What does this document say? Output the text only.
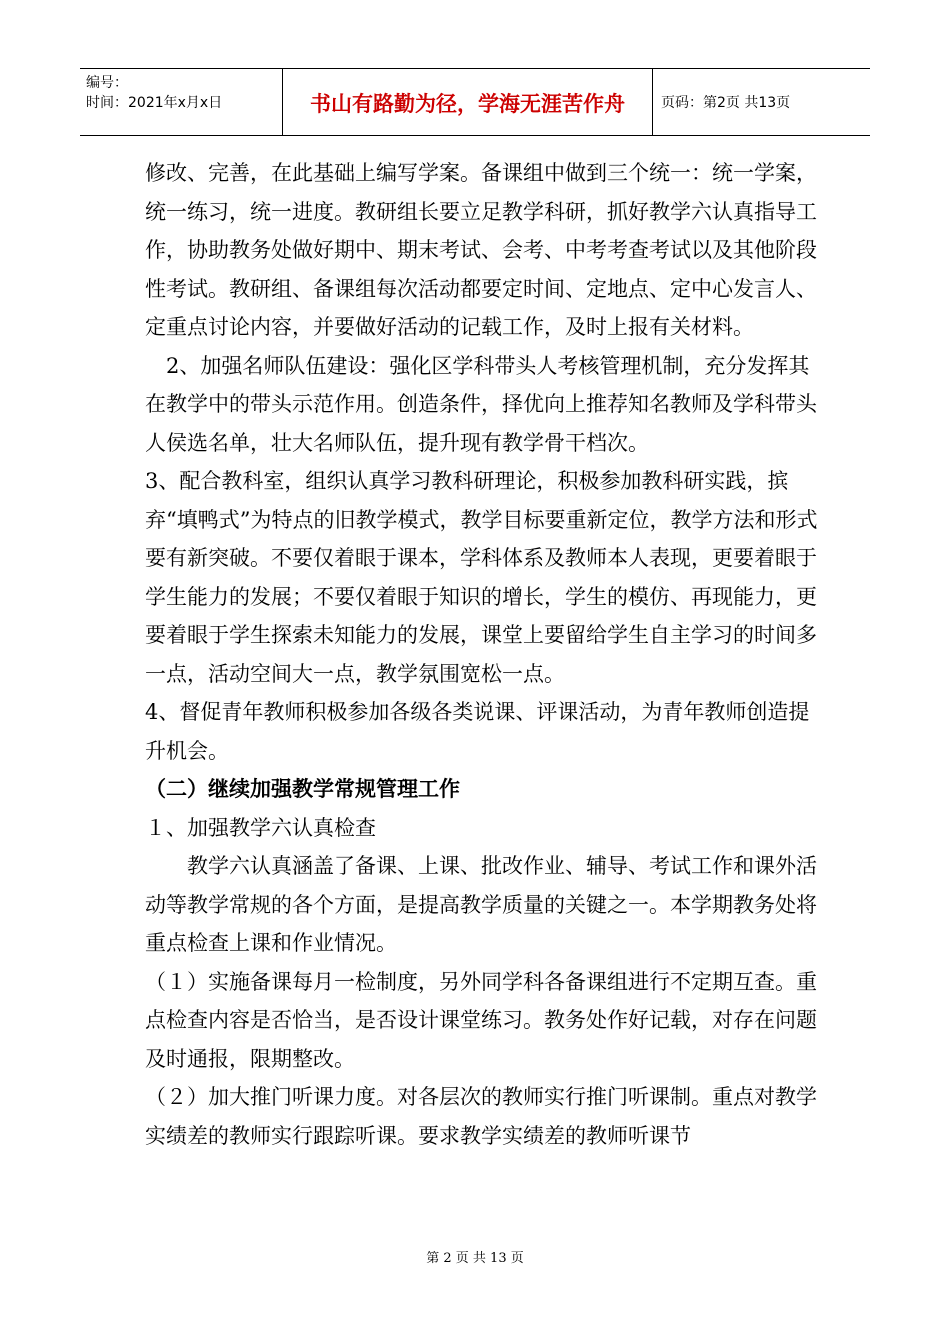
编号：
时间：2021年x月x日	书山有路勤为径，学海无涯苦作舟	页码：第2页 共13页

修改、完善，在此基础上编写学案。备课组中做到三个统一：统一学案，统一练习，统一进度。教研组长要立足教学科研，抓好教学六认真指导工作，协助教务处做好期中、期末考试、会考、中考考查考试以及其他阶段性考试。教研组、备课组每次活动都要定时间、定地点、定中心发言人、定重点讨论内容，并要做好活动的记载工作，及时上报有关材料。

2、加强名师队伍建设：强化区学科带头人考核管理机制，充分发挥其在教学中的带头示范作用。创造条件，择优向上推荐知名教师及学科带头人侯选名单，壮大名师队伍，提升现有教学骨干档次。

3、配合教科室，组织认真学习教科研理论，积极参加教科研实践，摈弃“填鸭式”为特点的旧教学模式，教学目标要重新定位，教学方法和形式要有新突破。不要仅着眼于课本，学科体系及教师本人表现，更要着眼于学生能力的发展；不要仅着眼于知识的增长，学生的模仿、再现能力，更要着眼于学生探索未知能力的发展，课堂上要留给学生自主学习的时间多一点，活动空间大一点，教学氛围宽松一点。

4、督促青年教师积极参加各级各类说课、评课活动，为青年教师创造提升机会。

（二）继续加强教学常规管理工作

１、加强教学六认真检查

教学六认真涵盖了备课、上课、批改作业、辅导、考试工作和课外活动等教学常规的各个方面，是提高教学质量的关键之一。本学期教务处将重点检查上课和作业情况。

（１）实施备课每月一检制度，另外同学科各备课组进行不定期互查。重点检查内容是否恰当，是否设计课堂练习。教务处作好记载，对存在问题及时通报，限期整改。

（２）加大推门听课力度。对各层次的教师实行推门听课制。重点对教学实绩差的教师实行跟踪听课。要求教学实绩差的教师听课节

第 2 页 共 13 页
